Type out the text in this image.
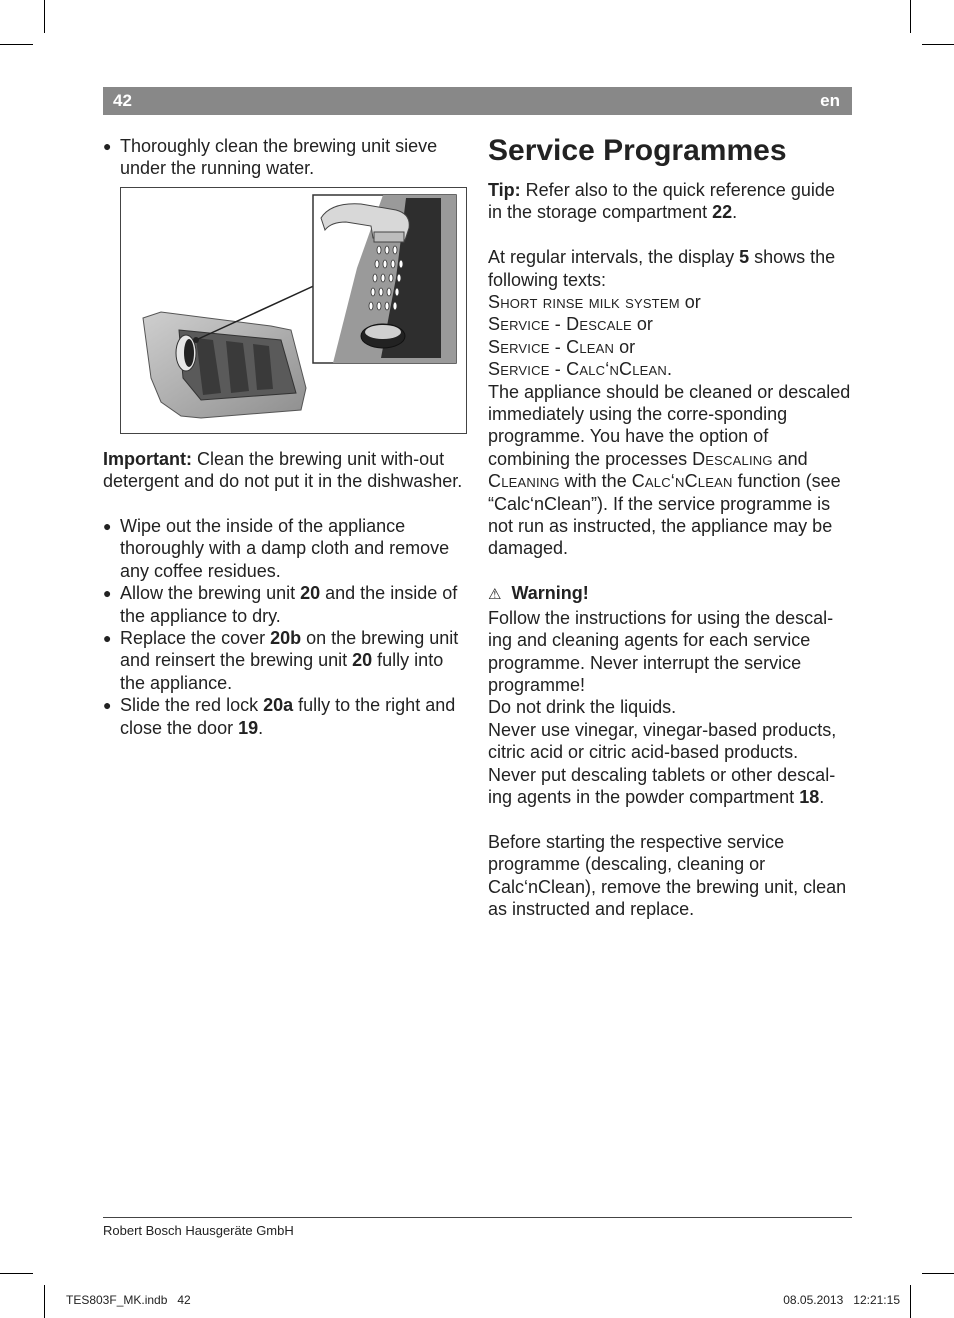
42	en
● Thoroughly clean the brewing unit sieve under the running water.

Important: Clean the brewing unit with-out detergent and do not put it in the dishwasher.

● Wipe out the inside of the appliance thoroughly with a damp cloth and remove any coffee residues.
● Allow the brewing unit 20 and the inside of the appliance to dry.
● Replace the cover 20b on the brewing unit and reinsert the brewing unit 20 fully into the appliance.
● Slide the red lock 20a fully to the right and close the door 19.
Service Programmes

Tip: Refer also to the quick reference guide in the storage compartment 22.

At regular intervals, the display 5 shows the following texts:

Short rinse milk system or

Service - Descale or

Service - Clean or

Service - Calc‘nClean.

The appliance should be cleaned or descaled immediately using the corre-sponding programme. You have the option of combining the processes Descaling and Cleaning with the Calc‘nClean function (see “Calc‘nClean”). If the service programme is not run as instructed, the appliance may be damaged.

⚠ Warning!

Follow the instructions for using the descal-ing and cleaning agents for each service programme. Never interrupt the service programme!

Do not drink the liquids.

Never use vinegar, vinegar-based products, citric acid or citric acid-based products.

Never put descaling tablets or other descal-ing agents in the powder compartment 18.

Before starting the respective service programme (descaling, cleaning or Calc‘nClean), remove the brewing unit, clean as instructed and replace.

Robert Bosch Hausgeräte GmbH
TES803F_MK.indb   42	08.05.2013   12:21:15
